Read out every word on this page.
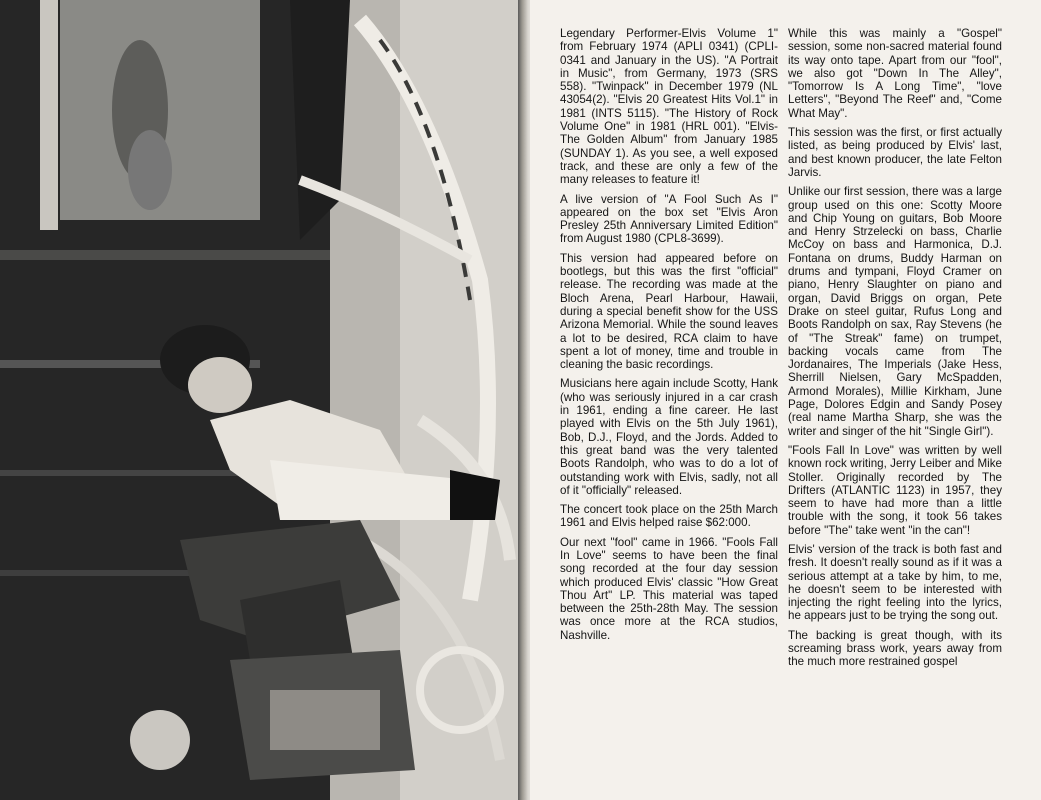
Legendary Performer-Elvis Volume 1" from February 1974 (APLI 0341) (CPLI-0341 and January in the US). "A Portrait in Music", from Germany, 1973 (SRS 558). "Twinpack" in December 1979 (NL 43054(2). "Elvis 20 Greatest Hits Vol.1" in 1981 (INTS 5115). "The History of Rock Volume One" in 1981 (HRL 001). "Elvis- The Golden Album" from January 1985 (SUNDAY 1). As you see, a well exposed track, and these are only a few of the many releases to feature it!

A live version of "A Fool Such As I" appeared on the box set "Elvis Aron Presley 25th Anniversary Limited Edition" from August 1980 (CPL8-3699).

This version had appeared before on bootlegs, but this was the first "official" release. The recording was made at the Bloch Arena, Pearl Harbour, Hawaii, during a special benefit show for the USS Arizona Memorial. While the sound leaves a lot to be desired, RCA claim to have spent a lot of money, time and trouble in cleaning the basic recordings.

Musicians here again include Scotty, Hank (who was seriously injured in a car crash in 1961, ending a fine career. He last played with Elvis on the 5th July 1961), Bob, D.J., Floyd, and the Jords. Added to this great band was the very talented Boots Randolph, who was to do a lot of outstanding work with Elvis, sadly, not all of it "officially" released.

The concert took place on the 25th March 1961 and Elvis helped raise $62:000.

Our next "fool" came in 1966. "Fools Fall In Love" seems to have been the final song recorded at the four day session which produced Elvis' classic "How Great Thou Art" LP. This material was taped between the 25th-28th May. The session was once more at the RCA studios, Nashville.

While this was mainly a "Gospel" session, some non-sacred material found its way onto tape. Apart from our "fool", we also got "Down In The Alley", "Tomorrow Is A Long Time", "love Letters", "Beyond The Reef" and, "Come What May".

This session was the first, or first actually listed, as being produced by Elvis' last, and best known producer, the late Felton Jarvis.

Unlike our first session, there was a large group used on this one: Scotty Moore and Chip Young on guitars, Bob Moore and Henry Strzelecki on bass, Charlie McCoy on bass and Harmonica, D.J. Fontana on drums, Buddy Harman on drums and tympani, Floyd Cramer on piano, Henry Slaughter on piano and organ, David Briggs on organ, Pete Drake on steel guitar, Rufus Long and Boots Randolph on sax, Ray Stevens (he of "The Streak" fame) on trumpet, backing vocals came from The Jordanaires, The Imperials (Jake Hess, Sherrill Nielsen, Gary McSpadden, Armond Morales), Millie Kirkham, June Page, Dolores Edgin and Sandy Posey (real name Martha Sharp, she was the writer and singer of the hit "Single Girl").

"Fools Fall In Love" was written by well known rock writing, Jerry Leiber and Mike Stoller. Originally recorded by The Drifters (ATLANTIC 1123) in 1957, they seem to have had more than a little trouble with the song, it took 56 takes before "The" take went "in the can"!

Elvis' version of the track is both fast and fresh. It doesn't really sound as if it was a serious attempt at a take by him, to me, he doesn't seem to be interested with injecting the right feeling into the lyrics, he appears just to be trying the song out.

The backing is great though, with its screaming brass work, years away from the much more restrained gospel
